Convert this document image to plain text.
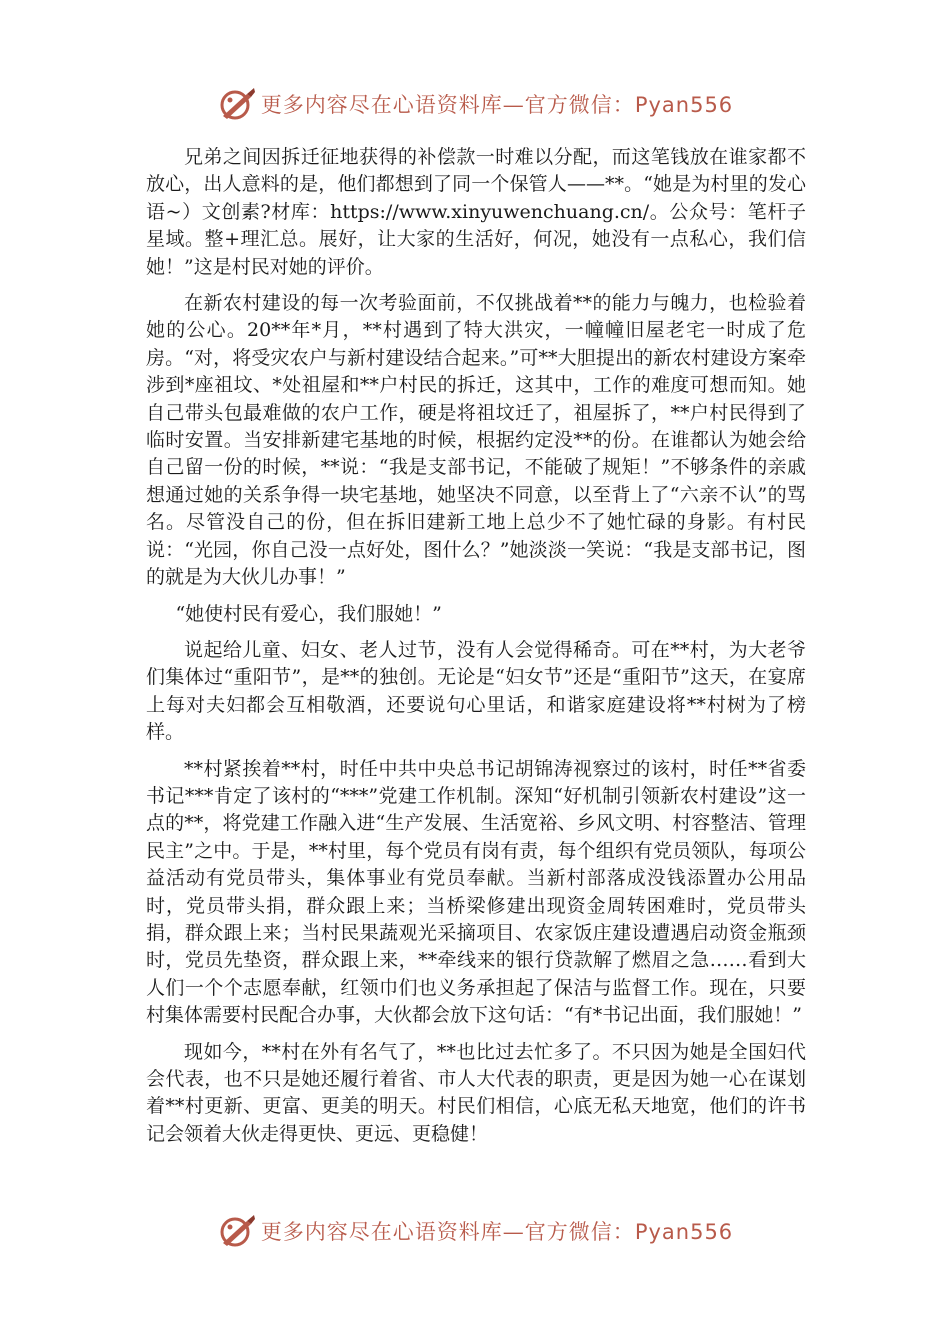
更多内容尽在心语资料库—官方微信：Pyan556

兄弟之间因拆迁征地获得的补偿款一时难以分配，而这笔钱放在谁家都不放心，出人意料的是，他们都想到了同一个保管人——**。“她是为村里的发心语~）文创素?材库：https://www.xinyuwenchuang.cn/。公众号：笔杆子星域。整+理汇总。展好，让大家的生活好，何况，她没有一点私心，我们信她！”这是村民对她的评价。

在新农村建设的每一次考验面前，不仅挑战着**的能力与魄力，也检验着她的公心。20**年*月，**村遇到了特大洪灾，一幢幢旧屋老宅一时成了危房。“对，将受灾农户与新村建设结合起来。”可**大胆提出的新农村建设方案牵涉到*座祖坟、*处祖屋和**户村民的拆迁，这其中，工作的难度可想而知。她自己带头包最难做的农户工作，硬是将祖坟迁了，祖屋拆了，**户村民得到了临时安置。当安排新建宅基地的时候，根据约定没**的份。在谁都认为她会给自己留一份的时候，**说：“我是支部书记，不能破了规矩！”不够条件的亲戚想通过她的关系争得一块宅基地，她坚决不同意，以至背上了“六亲不认”的骂名。尽管没自己的份，但在拆旧建新工地上总少不了她忙碌的身影。有村民说：“光园，你自己没一点好处，图什么？”她淡淡一笑说：“我是支部书记，图的就是为大伙儿办事！”

“她使村民有爱心，我们服她！”

说起给儿童、妇女、老人过节，没有人会觉得稀奇。可在**村，为大老爷们集体过“重阳节”，是**的独创。无论是“妇女节”还是“重阳节”这天，在宴席上每对夫妇都会互相敬酒，还要说句心里话，和谐家庭建设将**村树为了榜样。

**村紧挨着**村，时任中共中央总书记胡锦涛视察过的该村，时任**省委书记***肯定了该村的“***”党建工作机制。深知“好机制引领新农村建设”这一点的**，将党建工作融入进“生产发展、生活宽裕、乡风文明、村容整洁、管理民主”之中。于是，**村里，每个党员有岗有责，每个组织有党员领队，每项公益活动有党员带头，集体事业有党员奉献。当新村部落成没钱添置办公用品时，党员带头捐，群众跟上来；当桥梁修建出现资金周转困难时，党员带头捐，群众跟上来；当村民果蔬观光采摘项目、农家饭庄建设遭遇启动资金瓶颈时，党员先垫资，群众跟上来，**牵线来的银行贷款解了燃眉之急……看到大人们一个个志愿奉献，红领巾们也义务承担起了保洁与监督工作。现在，只要村集体需要村民配合办事，大伙都会放下这句话：“有*书记出面，我们服她！”

现如今，**村在外有名气了，**也比过去忙多了。不只因为她是全国妇代会代表，也不只是她还履行着省、市人大代表的职责，更是因为她一心在谋划着**村更新、更富、更美的明天。村民们相信，心底无私天地宽，他们的许书记会领着大伙走得更快、更远、更稳健！

更多内容尽在心语资料库—官方微信：Pyan556
